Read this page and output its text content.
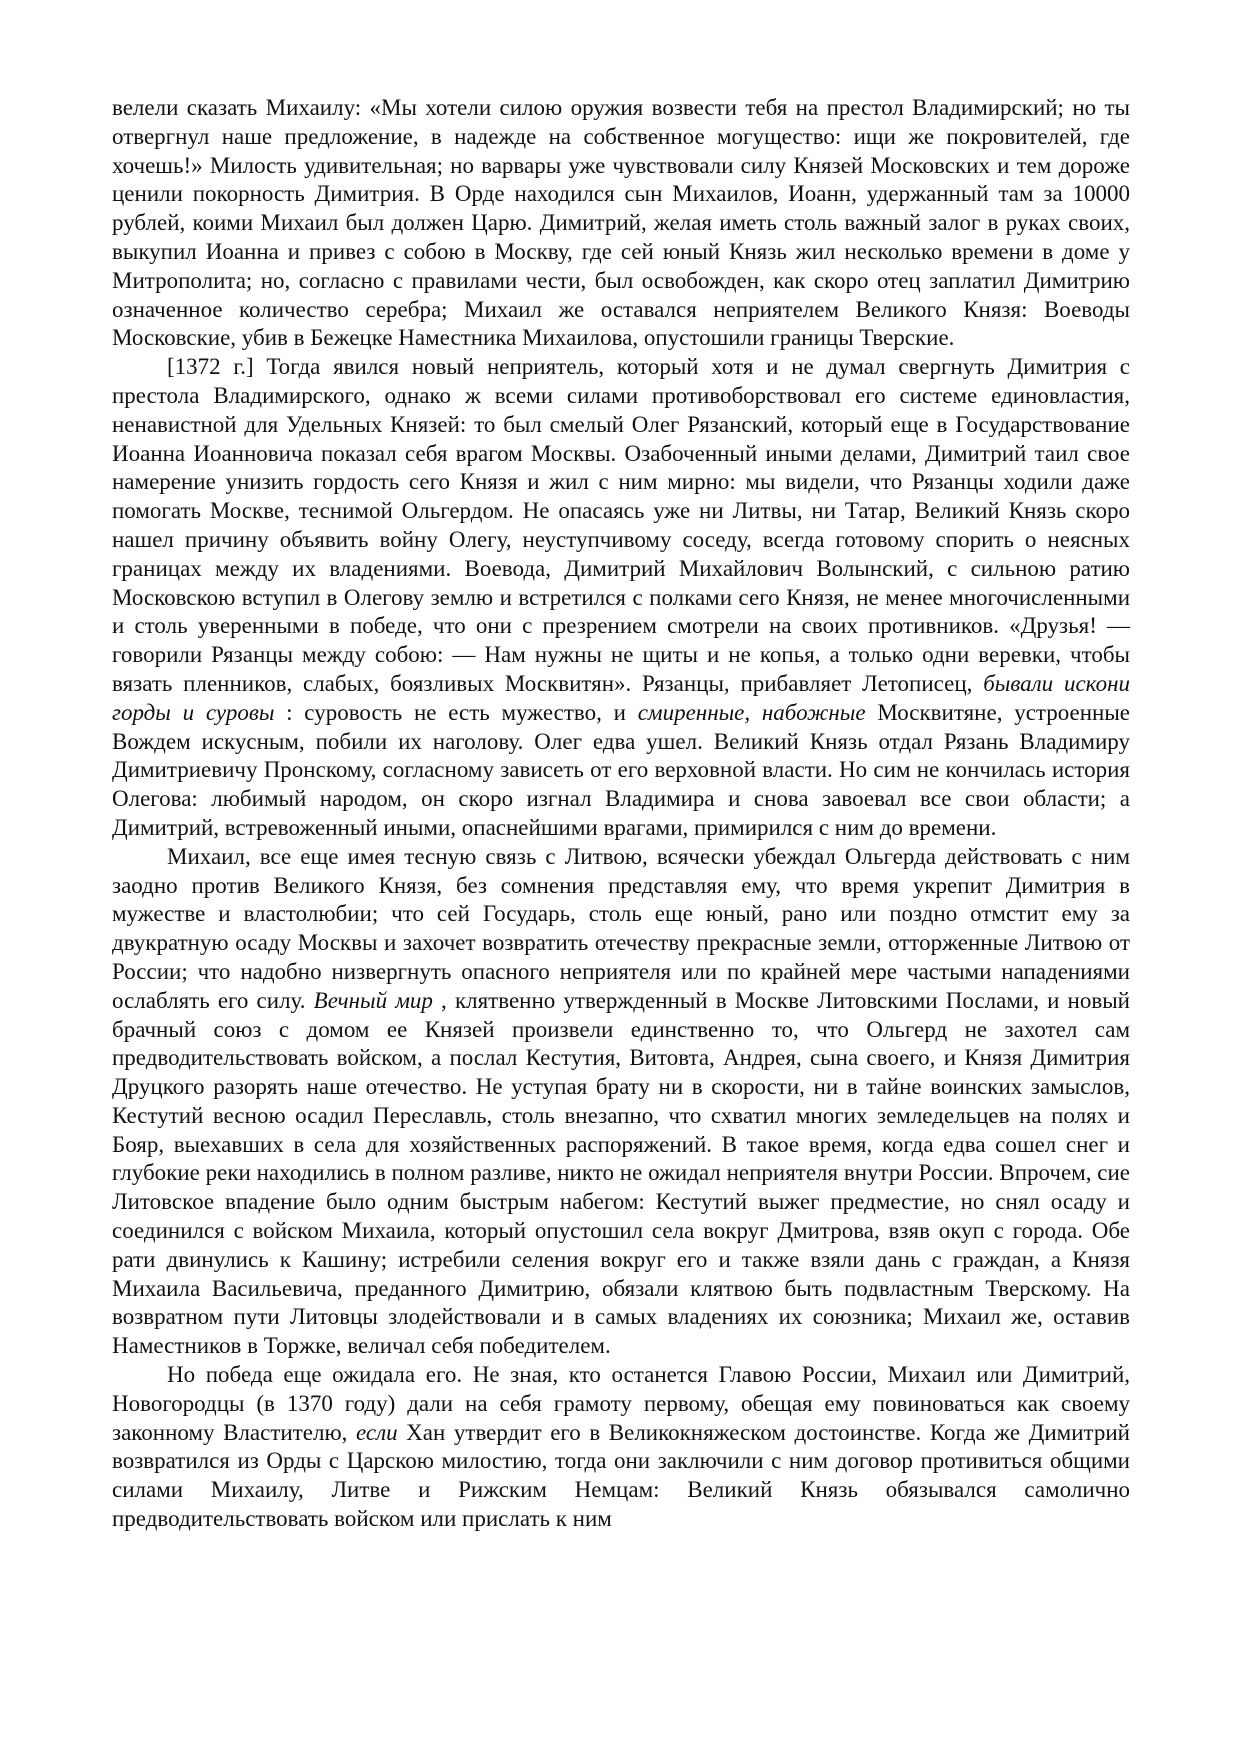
велели сказать Михаилу: «Мы хотели силою оружия возвести тебя на престол Владимирский; но ты отвергнул наше предложение, в надежде на собственное могущество: ищи же покровителей, где хочешь!» Милость удивительная; но варвары уже чувствовали силу Князей Московских и тем дороже ценили покорность Димитрия. В Орде находился сын Михаилов, Иоанн, удержанный там за 10000 рублей, коими Михаил был должен Царю. Димитрий, желая иметь столь важный залог в руках своих, выкупил Иоанна и привез с собою в Москву, где сей юный Князь жил несколько времени в доме у Митрополита; но, согласно с правилами чести, был освобожден, как скоро отец заплатил Димитрию означенное количество серебра; Михаил же оставался неприятелем Великого Князя: Воеводы Московские, убив в Бежецке Наместника Михаилова, опустошили границы Тверские.

[1372 г.] Тогда явился новый неприятель, который хотя и не думал свергнуть Димитрия с престола Владимирского, однако ж всеми силами противоборствовал его системе единовластия, ненавистной для Удельных Князей: то был смелый Олег Рязанский, который еще в Государствование Иоанна Иоанновича показал себя врагом Москвы. Озабоченный иными делами, Димитрий таил свое намерение унизить гордость сего Князя и жил с ним мирно: мы видели, что Рязанцы ходили даже помогать Москве, теснимой Ольгердом. Не опасаясь уже ни Литвы, ни Татар, Великий Князь скоро нашел причину объявить войну Олегу, неуступчивому соседу, всегда готовому спорить о неясных границах между их владениями. Воевода, Димитрий Михайлович Волынский, с сильною ратию Московскою вступил в Олегову землю и встретился с полками сего Князя, не менее многочисленными и столь уверенными в победе, что они с презрением смотрели на своих противников. «Друзья! — говорили Рязанцы между собою: — Нам нужны не щиты и не копья, а только одни веревки, чтобы вязать пленников, слабых, боязливых Москвитян». Рязанцы, прибавляет Летописец, бывали искони горды и суровы : суровость не есть мужество, и смиренные, набожные Москвитяне, устроенные Вождем искусным, побили их наголову. Олег едва ушел. Великий Князь отдал Рязань Владимиру Димитриевичу Пронскому, согласному зависеть от его верховной власти. Но сим не кончилась история Олегова: любимый народом, он скоро изгнал Владимира и снова завоевал все свои области; а Димитрий, встревоженный иными, опаснейшими врагами, примирился с ним до времени.

Михаил, все еще имея тесную связь с Литвою, всячески убеждал Ольгерда действовать с ним заодно против Великого Князя, без сомнения представляя ему, что время укрепит Димитрия в мужестве и властолюбии; что сей Государь, столь еще юный, рано или поздно отмстит ему за двукратную осаду Москвы и захочет возвратить отечеству прекрасные земли, отторженные Литвою от России; что надобно низвергнуть опасного неприятеля или по крайней мере частыми нападениями ослаблять его силу. Вечный мир , клятвенно утвержденный в Москве Литовскими Послами, и новый брачный союз с домом ее Князей произвели единственно то, что Ольгерд не захотел сам предводительствовать войском, а послал Кестутия, Витовта, Андрея, сына своего, и Князя Димитрия Друцкого разорять наше отечество. Не уступая брату ни в скорости, ни в тайне воинских замыслов, Кестутий весною осадил Переславль, столь внезапно, что схватил многих земледельцев на полях и Бояр, выехавших в села для хозяйственных распоряжений. В такое время, когда едва сошел снег и глубокие реки находились в полном разливе, никто не ожидал неприятеля внутри России. Впрочем, сие Литовское впадение было одним быстрым набегом: Кестутий выжег предместие, но снял осаду и соединился с войском Михаила, который опустошил села вокруг Дмитрова, взяв окуп с города. Обе рати двинулись к Кашину; истребили селения вокруг его и также взяли дань с граждан, а Князя Михаила Васильевича, преданного Димитрию, обязали клятвою быть подвластным Тверскому. На возвратном пути Литовцы злодействовали и в самых владениях их союзника; Михаил же, оставив Наместников в Торжке, величал себя победителем.

Но победа еще ожидала его. Не зная, кто останется Главою России, Михаил или Димитрий, Новогородцы (в 1370 году) дали на себя грамоту первому, обещая ему повиноваться как своему законному Властителю, если Хан утвердит его в Великокняжеском достоинстве. Когда же Димитрий возвратился из Орды с Царскою милостию, тогда они заключили с ним договор противиться общими силами Михаилу, Литве и Рижским Немцам: Великий Князь обязывался самолично предводительствовать войском или прислать к ним
